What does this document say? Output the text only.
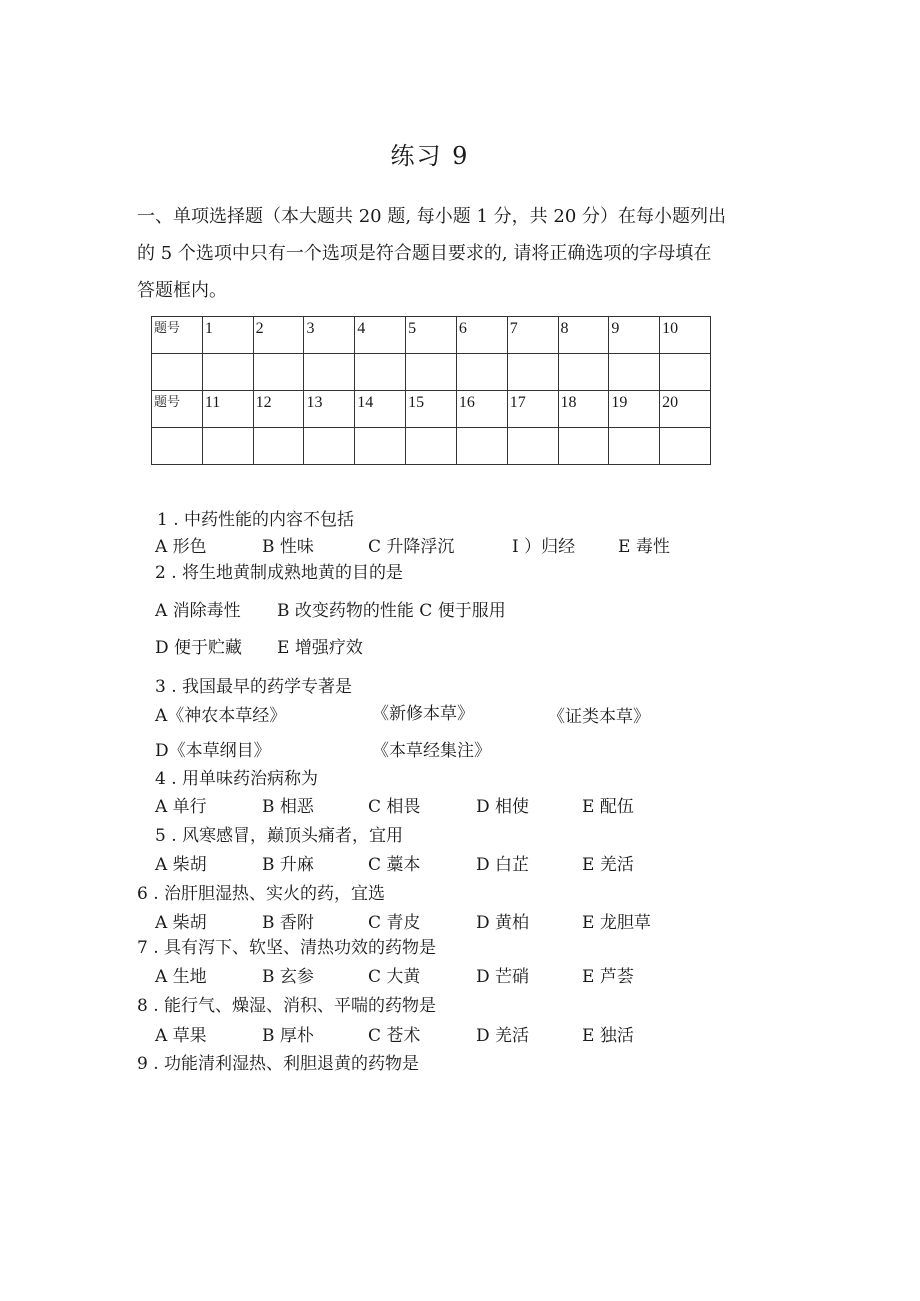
练习 9
一、单项选择题（本大题共 20 题, 每小题 1 分，共 20 分）在每小题列出
的 5 个选项中只有一个选项是符合题目要求的, 请将正确选项的字母填在
答题框内。
题号	1	2	3	4	5	6	7	8	9	10

题号	11	12	13	14	15	16	17	18	19	20

1 . 中药性能的内容不包括
A 形色	B 性味	C 升降浮沉	I ）归经	E 毒性
2 . 将生地黄制成熟地黄的目的是
A 消除毒性 B 改变药物的性能 C 便于服用
D 便于贮藏 E 增强疗效
3 . 我国最早的药学专著是
A《神农本草经》	《新修本草》	《证类本草》
D《本草纲目》	《本草经集注》
4 . 用单味药治病称为
A 单行	B 相恶	C 相畏	D 相使	E 配伍
5 . 风寒感冒，巅顶头痛者，宜用
A 柴胡	B 升麻	C 藁本	D 白芷	E 羌活
6 . 治肝胆湿热、实火的药，宜选
A 柴胡	B 香附	C 青皮	D 黄柏	E 龙胆草
7 . 具有泻下、软坚、清热功效的药物是
A 生地	B 玄参	C 大黄	D 芒硝	E 芦荟
8 . 能行气、燥湿、消积、平喘的药物是
A 草果	B 厚朴	C 苍术	D 羌活	E 独活
9 . 功能清利湿热、利胆退黄的药物是
